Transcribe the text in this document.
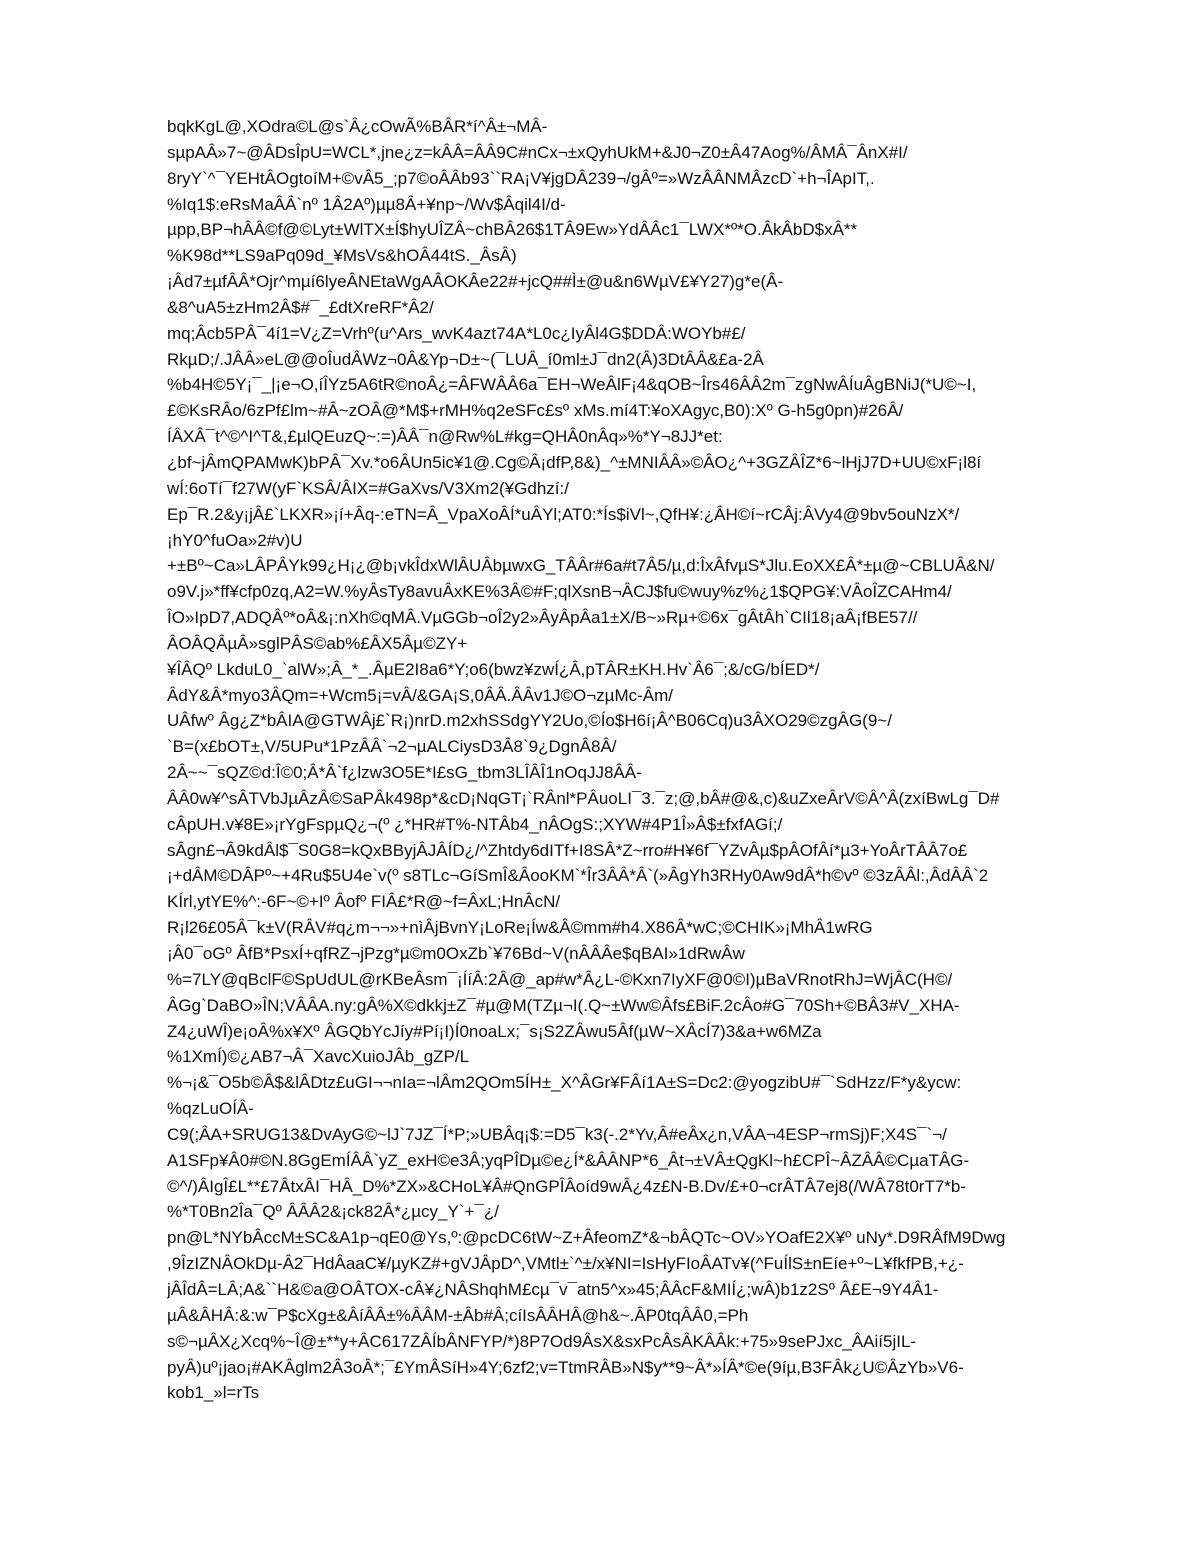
bqkKgL@,XOdra©L@s`Â¿cOwÃ%BÂR*í^Â±¬MÂ-
sµpAÂ»7~@ÂDsÎpU=WCL*,jne¿z=kÂÂ=ÂÂ9C#nCx¬±xQyhUkM+&J0¬Z0±Â47Aog%/ÂMÂ¯ÂnX#I/
8ryY`^¯YEHtÂOgtoíM+©vÂ5_;p7©oÂÂb93``RA¡V¥jgDÂ239¬/gÂº=»WzÂÂNMÂzcD`+h¬ÎApIT,.
%Iq1$:eRsMaÂÂ`nº 1Â2Aº)µµ8Â+¥np~/Wv$Âqil4I/d-
µpp,BP¬hÂÂ©f@©Lyt±WlTX±Í$hyUÎZÂ~chBÂ26$1TÂ9Ew»YdÂÂc1¯LWX*º*O.ÂkÂbD$xÂ**
%K98d**LS9aPq09d_¥MsVs&hOÂ44tS._ÂsÂ)
¡Âd7±µfÂÂ*Ojr^mµí6lyeÂNEtaWgAÂOKÂe22#+jcQ##Ì±@u&n6WµV£¥Y27)g*e(Â-
&8^uA5±zHm2Â$#¯_£dtXreRF*Â2/
mq;Âcb5PÂ¯4í1=V¿Z=Vrhº(u^Ars_wvK4azt74A*L0c¿IyÂl4G$DDÂ:WOYb#£/
RkµD;/.JÂÂ»eL@@oÎudÂWz¬0Â&Yp¬D±~(¯LUÂ_í0ml±J¯dn2(Â)3DtÂÂ&£a-2Â
%b4H©5Y¡¯_|¡e¬O,íÎYz5A6tR©noÂ¿=ÂFWÂÂ6a¯EH¬WeÂlF¡4&qOB~Îrs46ÂÂ2m¯zgNwÂÍuÂgBNiJ(*U©~I,
£©KsRÂo/6zPf£lm~#Â~zOÂ@*M$+rMH%q2eSFc£sº xMs.mí4T:¥oXAgyc,B0):Xº G-h5g0pn)#26Â/
ÍÂXÂ¯t^©^I^T&,£µlQEuzQ~:=)ÂÂ¯n@Rw%L#kg=QHÂ0nÂq»%*Y¬8JJ*et:
¿bf~jÂmQPAMwK)bPÂ¯Xv.*o6ÂUn5ic¥1@.Cg©Â¡dfP,8&)_^±MNIÂÂ»©ÂO¿^+3GZÂÎZ*6~lHjJ7D+UU©xF¡l8í
wÍ:6oTí¯f27W(yF`KSÂ/ÂIX=#GaXvs/V3Xm2(¥Gdhzí:/
Ep¯R.2&y¡jÂ£`LKXR»¡í+Âq-:eTN=Â_VpaXoÂÍ*uÂYl;AT0:*Ís$iVl~,QfH¥:¿ÂH©í~rCÂj:ÂVy4@9bv5ouNzX*/
¡hY0^fuOa»2#v)U
+±Bº~Ca»LÂPÂYk99¿H¡¿@b¡vkÎdxWlÂUÂbµwxG_TÂÂr#6a#t7Â5/µ,d:ÎxÂfvµS*Jlu.EoXX£Â*±µ@~CBLUÂ&N/
o9V.j»*ff¥cfp0zq,A2=W.%yÂsTy8avuÂxKE%3Â©#F;qlXsnB¬ÂCJ$fu©wuy%z%¿1$QPG¥:VÂoÎZCAHm4/
ÎO»IpD7,ADQÂº*oÂ&¡:nXh©qMÂ.VµGGb¬oÎ2y2»ÂyÂpÂa1±X/B~»Rµ+©6x¯gÂtÂh`CIl18¡aÂ¡fBE57//
ÂOÂQÂµÂ»sglPÂS©ab%£ÂX5Âµ©ZY+
¥ÎÂQº LkduL0_`alW»;Â_*_.ÂµE2I8a6*Y;o6(bwz¥zwÍ¿Â,pTÂR±KH.Hv`Â6¯;&/cG/bÍED*/
ÂdY&Â*myo3ÂQm=+Wcm5¡=vÂ/&GA¡S,0ÂÂ.ÂÂv1J©O¬zµMc-Âm/
UÂfwº Âg¿Z*bÂIA@GTWÂj£`R¡)nrD.m2xhSSdgYY2Uo,©Ío$H6í¡Â^B06Cq)u3ÂXO29©zgÂG(9~/
`B=(x£bOT±,V/5UPu*1PzÂÂ`¬2¬µALCiysD3Â8`9¿DgnÂ8Â/
2Â~~¯sQZ©d:Î©0;Â*Â`f¿lzw3O5E*I£sG_tbm3LÎÂÎ1nOqJJ8ÂÂ-
ÂÂ0w¥^sÂTVbJµÂzÂ©SaPÂk498p*&cD¡NqGT¡`RÂnl*PÂuoLI¯3.¯z;@,bÂ#@&,c)&uZxeÂrV©Â^Â(zxíBwLg¯D#
cÂpUH.v¥8E»¡rYgFspµQ¿¬(º ¿*HR#T%-NTÂb4_nÂOgS:;XYW#4P1Î»Â$±fxfAGí;/
sÂgn£¬Â9kdÂl$¯S0G8=kQxBByjÂJÂÍD¿/^Zhtdy6dITf+I8SÂ*Z~rro#H¥6f¯YZvÂµ$pÂOfÂí*µ3+YoÂrTÂÂ7o£
¡+dÂM©DÂPº~+4Ru$5U4e`v(º s8TLc¬GíSmÎ&ÂooKM`*Îr3ÂÂ*Â`(»ÂgYh3RHy0Aw9dÂ*h©vº ©3zÂÂl:,ÂdÂÂ`2
KÍrl,ytYE%^:-6F~©+Iº Âofº FIÂ£*R@~f=ÂxL;HnÂcN/
R¡l26£05Â¯k±V(RÂV#q¿m¬¬»+nìÂjBvnY¡LoRe¡Íw&Â©mm#h4.X86Â*wC;©CHIK»¡MhÂ1wRG
¡Â0¯oGº ÂfB*PsxÍ+qfRZ¬jPzg*µ©m0OxZb`¥76Bd~V(nÂÂÂe$qBAI»1dRwÂw
%=7LY@qBclF©SpUdUL@rKBeÂsm¯¡ÍíÂ:2Â@_ap#w*Â¿L-©Kxn7IyXF@0©I)µBaVRnotRhJ=WjÂC(H©/
ÂGg`DaBO»ÎN;VÂÂA.ny:gÂ%X©dkkj±Z¯#µ@M(TZµ¬I(.Q~±Ww©Âfs£BiF.2cÂo#G¯70Sh+©BÂ3#V_XHA-
Z4¿uWÎ)e¡oÂ%x¥Xº ÂGQbYcJíy#Pí¡I)Í0noaLx;¯s¡S2ZÂwu5Âf(µW~XÂcÍ7)3&a+w6MZa
%1XmÍ)©¿AB7¬Â¯XavcXuioJÂb_gZP/L
%¬¡&¯O5b©Â$&lÂDtz£uGI¬¬nIa=¬lÂm2QOm5ÍH±_X^ÂGr¥FÂí1A±S=Dc2:@yogzibU#¯`SdHzz/F*y&ycw:
%qzLuOÍÂ-
C9(;ÂA+SRUG13&DvAyG©~lJ`7JZ¯Í*P;»UBÂq¡$:=D5¯k3(-.2*Yv,Â#eÂx¿n,VÂA¬4ESP¬rmSj)F;X4S¯`¬/
A1SFp¥Â0#©N.8GgEmÍÂÂ`yZ_exH©e3Â;yqPÎDµ©e¿Í*&ÂÂNP*6_Ât¬±VÂ±QgKl~h£CPÎ~ÂZÂÂ©CµaTÂG-
©^/)ÂIgÎ£L**£7ÂtxÂI¯HÂ_D%*ZX»&CHoL¥Â#QnGPÎÂoíd9wÂ¿4z£N-B.Dv/£+0¬crÂTÂ7ej8(/WÂ78t0rT7*b-
%*T0Bn2Îa¯Qº ÂÂÂ2&¡ck82Â*¿µcy_Y`+¯¿/
pn@L*NYbÂccM±SC&A1p¬qE0@Ys,º:@pcDC6tW~Z+ÂfeomZ*&¬bÂQTc~OV»YOafE2X¥º uNy*.D9RÂfM9Dwg
,9ÎzIZNÂOkDµ-Â2¯HdÂaaC¥/µyKZ#+gVJÂpD^,VMtl±`^±/x¥NI=IsHyFIoÂATv¥(^FuÍlS±nEíe+º~L¥fkfPB,+¿-
jÂÎdÂ=LÂ;A&``H&©a@OÂTOX-cÂ¥¿NÂShqhM£cµ¯v¯atn5^x»45;ÂÂcF&MIÍ¿;wÂ)b1z2Sº Â£E¬9Y4Â1-
µÂ&ÂHÂ:&:w¯P$cXg±&ÂíÂÂ±%ÂÂM-±Âb#Â;cíIsÂÂHÂ@h&~.ÂP0tqÂÂ0,=Ph
s©¬µÂX¿Xcq%~Î@±**y+ÂC617ZÂÍbÂNFYP/*)8P7Od9ÂsX&sxPcÂsÂKÂÂk:+75»9sePJxc_ÂAií5jIL-
pyÂ)uº¡jao¡#AKÂglm2Â3oÂ*;¯£YmÂSíH»4Y;6zf2;v=TtmRÂB»N$y**9~Â*»ÍÂ*©e(9íµ,B3FÂk¿U©ÂzYb»V6-
kob1_»l=rTs
